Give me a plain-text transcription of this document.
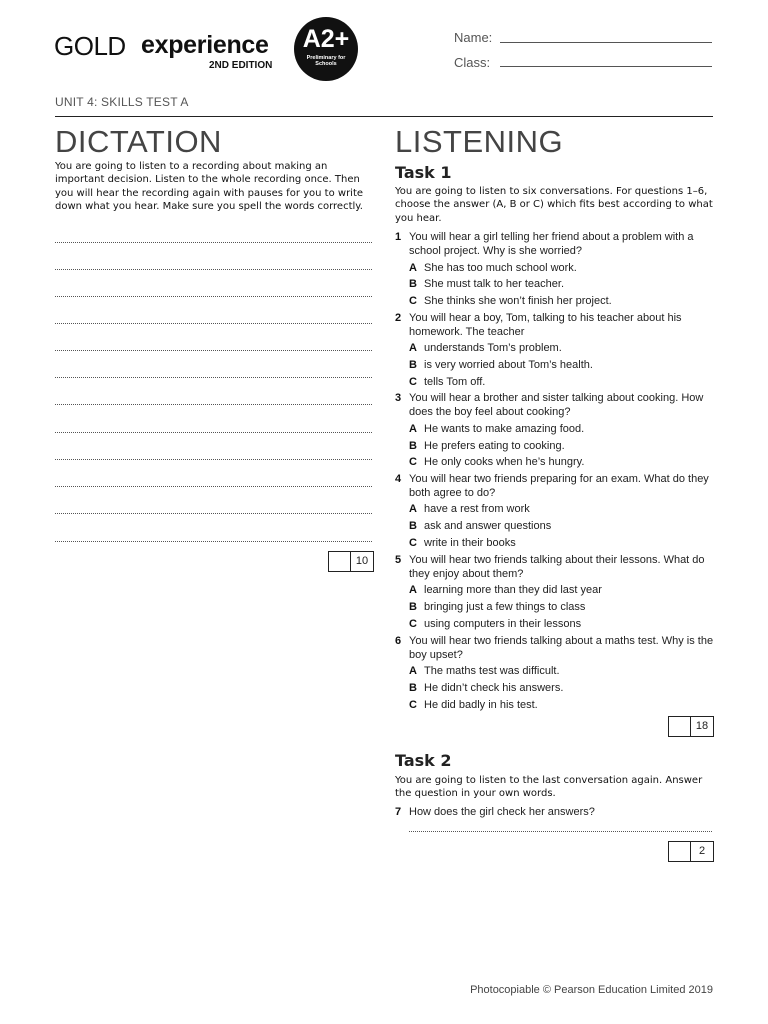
GOLD experience
2ND EDITION
A2+
Preliminary for Schools
Name:
Class:
UNIT 4: SKILLS TEST A
DICTATION
You are going to listen to a recording about making an important decision. Listen to the whole recording once. Then you will hear the recording again with pauses for you to write down what you hear. Make sure you spell the words correctly.
10
LISTENING
Task 1
You are going to listen to six conversations. For questions 1–6, choose the answer (A, B or C) which fits best according to what you hear.
1 You will hear a girl telling her friend about a problem with a school project. Why is she worried?
A She has too much school work.
B She must talk to her teacher.
C She thinks she won’t finish her project.
2 You will hear a boy, Tom, talking to his teacher about his homework. The teacher
A understands Tom’s problem.
B is very worried about Tom’s health.
C tells Tom off.
3 You will hear a brother and sister talking about cooking. How does the boy feel about cooking?
A He wants to make amazing food.
B He prefers eating to cooking.
C He only cooks when he’s hungry.
4 You will hear two friends preparing for an exam. What do they both agree to do?
A have a rest from work
B ask and answer questions
C write in their books
5 You will hear two friends talking about their lessons. What do they enjoy about them?
A learning more than they did last year
B bringing just a few things to class
C using computers in their lessons
6 You will hear two friends talking about a maths test. Why is the boy upset?
A The maths test was difficult.
B He didn’t check his answers.
C He did badly in his test.
18
Task 2
You are going to listen to the last conversation again. Answer the question in your own words.
7 How does the girl check her answers?
2
Photocopiable © Pearson Education Limited 2019
